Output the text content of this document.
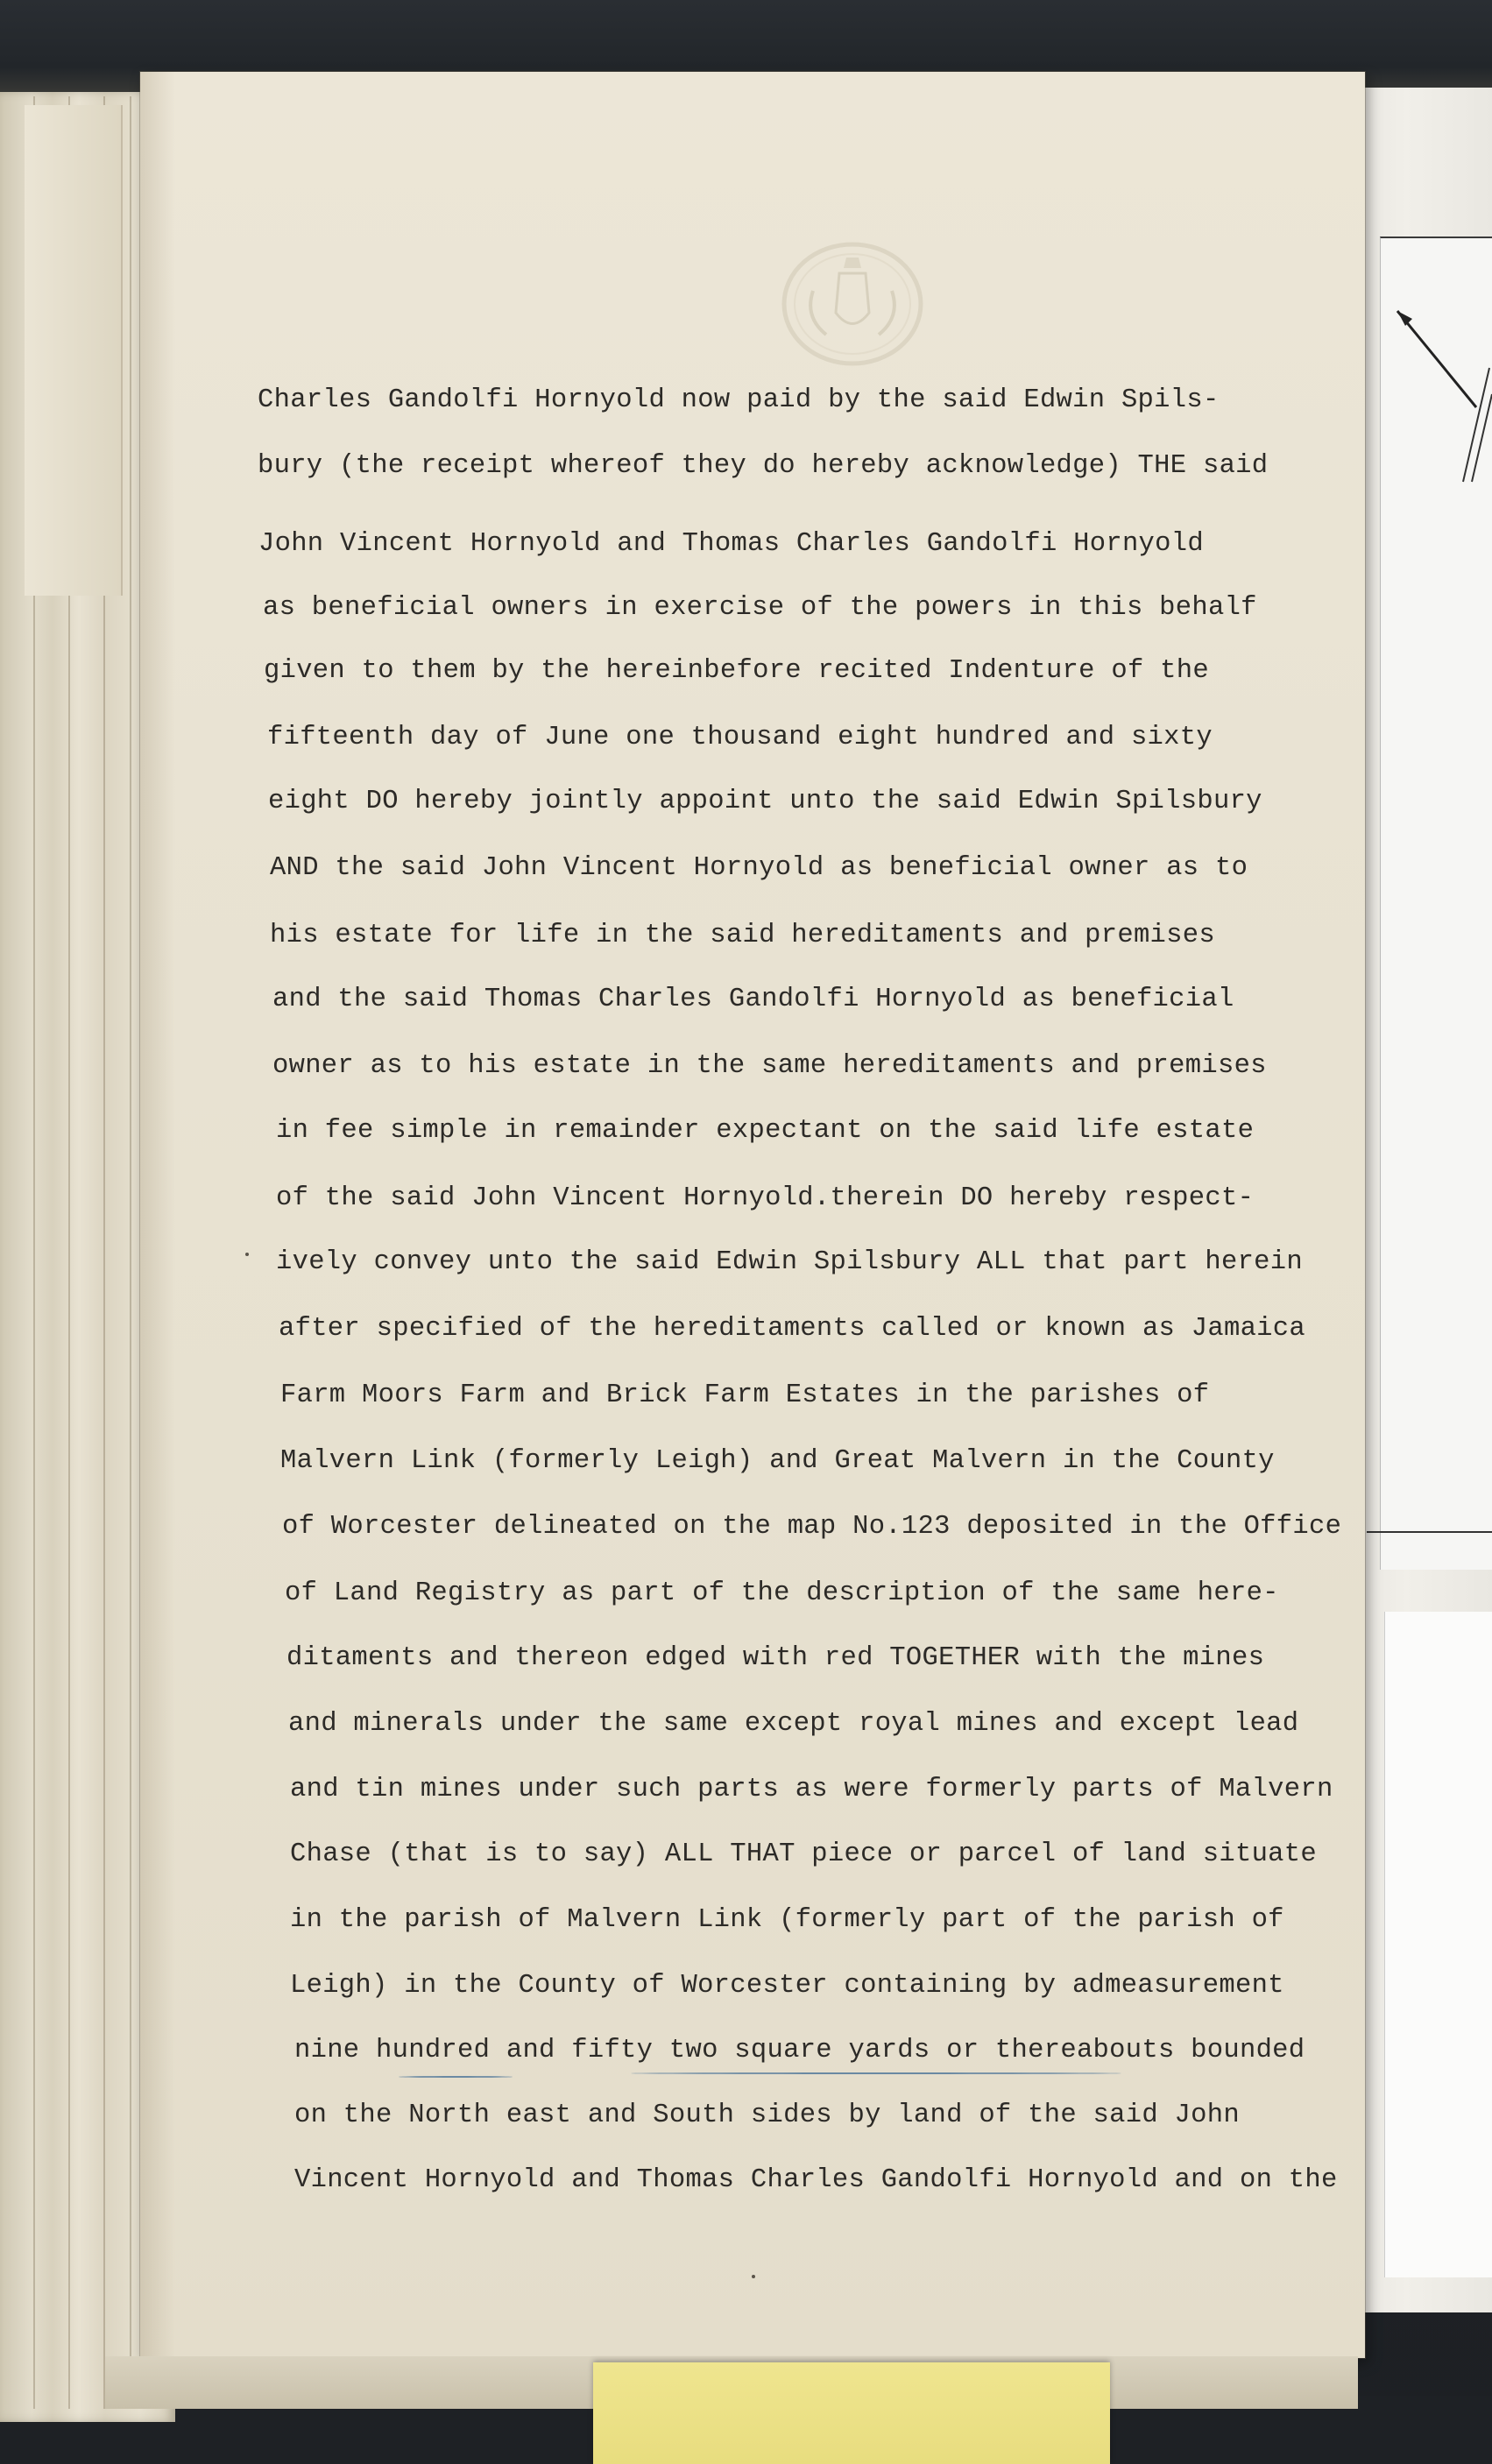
Charles Gandolfi Hornyold now paid by the said Edwin Spils-
bury (the receipt whereof they do hereby acknowledge) THE said
John Vincent Hornyold and Thomas Charles Gandolfi Hornyold
as beneficial owners in exercise of the powers in this behalf
given to them by the hereinbefore recited Indenture of the
fifteenth day of June one thousand eight hundred and sixty
eight DO hereby jointly appoint unto the said Edwin Spilsbury
AND the said John Vincent Hornyold as beneficial owner as to
his estate for life in the said hereditaments and premises
and the said Thomas Charles Gandolfi Hornyold as beneficial
owner as to his estate in the same hereditaments and premises
in fee simple in remainder expectant on the said life estate
of the said John Vincent Hornyold.therein DO hereby respect-
ively convey unto the said Edwin Spilsbury ALL that part herein
after specified of the hereditaments called or known as Jamaica
Farm Moors Farm and Brick Farm Estates in the parishes of
Malvern Link (formerly Leigh) and Great Malvern in the County
of Worcester delineated on the map No.123 deposited in the Office
of Land Registry as part of the description of the same here-
ditaments and thereon edged with red TOGETHER with the mines
and minerals under the same except royal mines and except lead
and tin mines under such parts as were formerly parts of Malvern
Chase (that is to say) ALL THAT piece or parcel of land situate
in the parish of Malvern Link (formerly part of the parish of
Leigh) in the County of Worcester containing by admeasurement
nine hundred and fifty two square yards or thereabouts bounded
on the North east and South sides by land of the said John
Vincent Hornyold and Thomas Charles Gandolfi Hornyold and on the
